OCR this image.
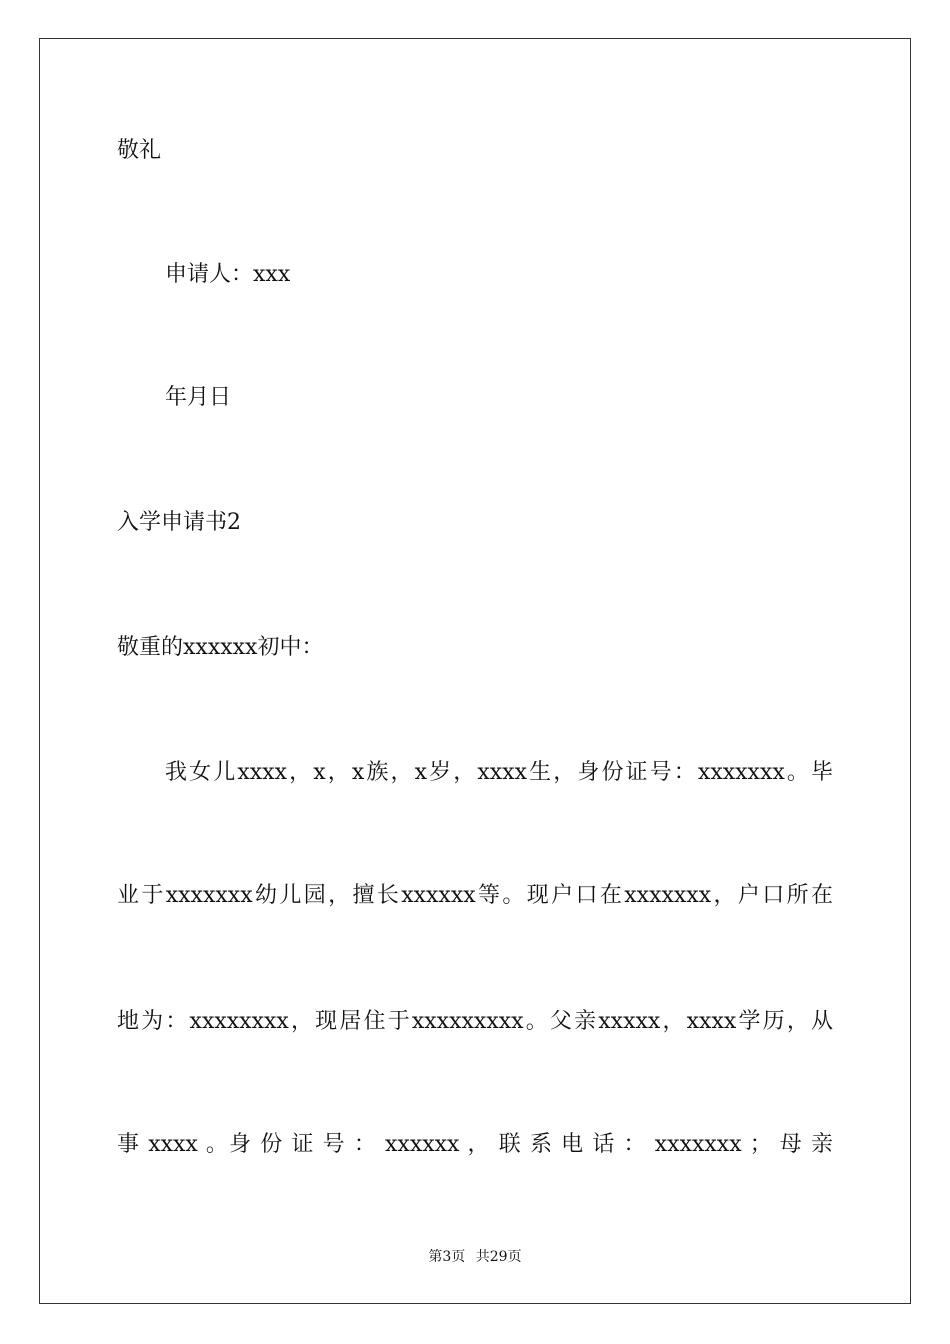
敬礼
申请人：xxx
年月日
入学申请书2
敬重的xxxxxx初中：
我女儿xxxx，x，x族，x岁，xxxx生，身份证号：xxxxxxx。毕
业于xxxxxxx幼儿园，擅长xxxxxx等。现户口在xxxxxxx，户口所在
地为：xxxxxxxx，现居住于xxxxxxxxx。父亲xxxxx，xxxx学历，从
事 xxxx 。身 份 证 号 ： xxxxxx ， 联 系 电 话 ： xxxxxxx ； 母 亲
第3页 共29页
